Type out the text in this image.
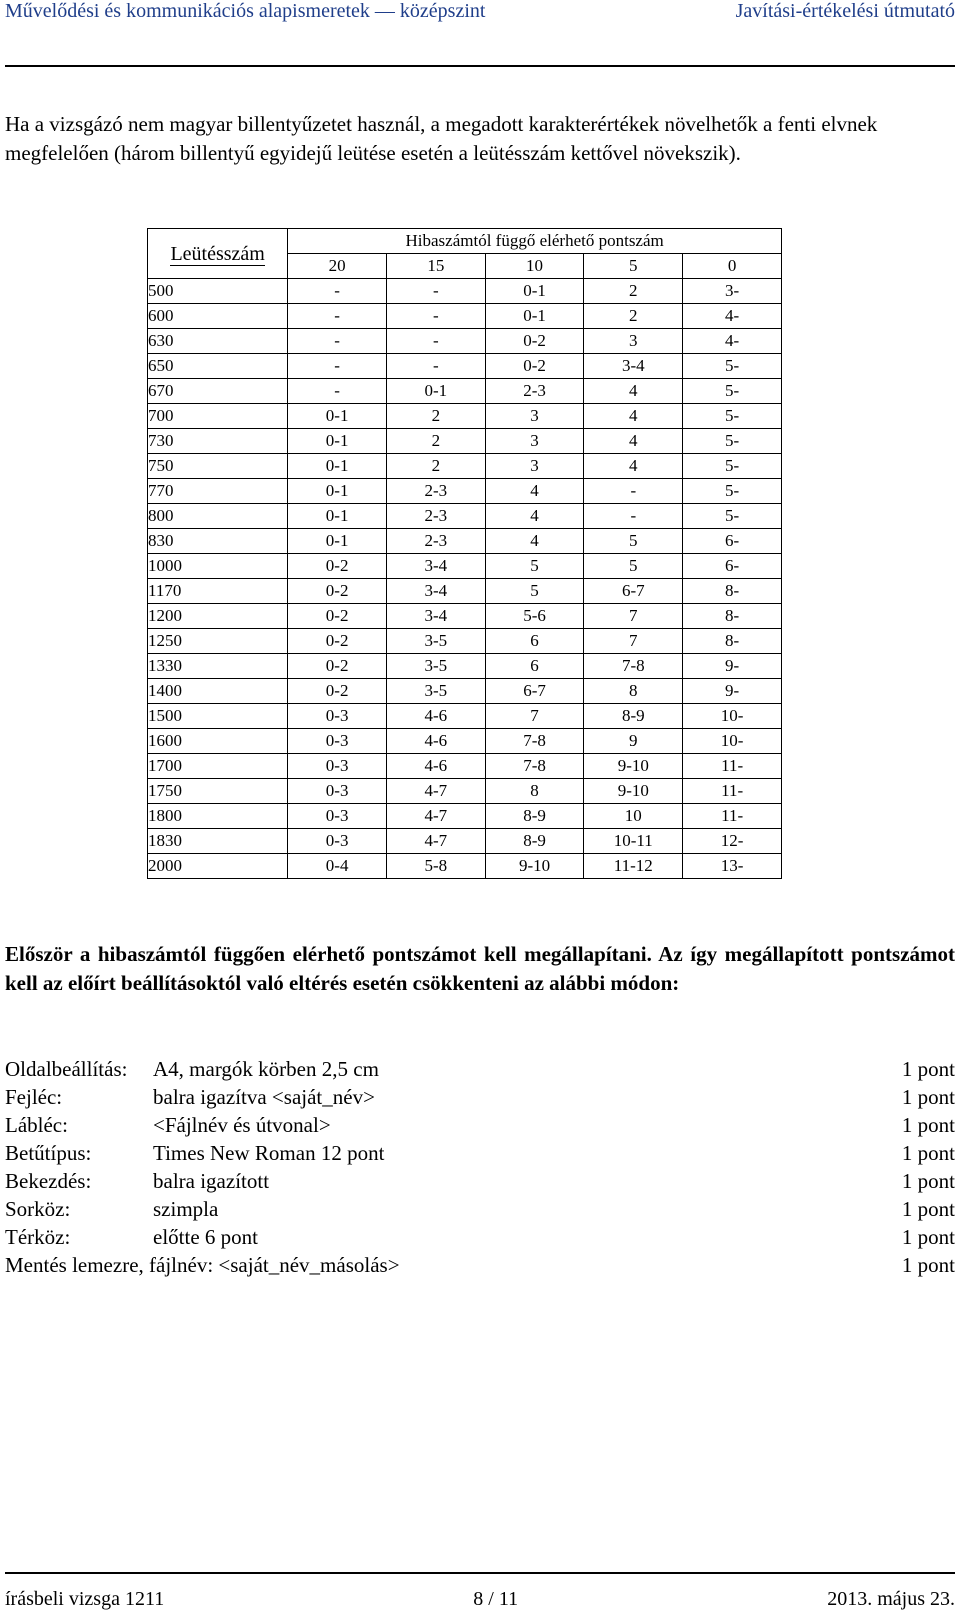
Művelődési és kommunikációs alapismeretek — középszint	Javítási-értékelési útmutató

Ha a vizsgázó nem magyar billentyűzetet használ, a megadott karakterértékek növelhetők a fenti elvnek megfelelően (három billentyű egyidejű leütése esetén a leütésszám kettővel növekszik).

Leütésszám	Hibaszámtól függő elérhető pontszám				
	20	15	10	5	0
500	-	-	0-1	2	3-
600	-	-	0-1	2	4-
630	-	-	0-2	3	4-
650	-	-	0-2	3-4	5-
670	-	0-1	2-3	4	5-
700	0-1	2	3	4	5-
730	0-1	2	3	4	5-
750	0-1	2	3	4	5-
770	0-1	2-3	4	-	5-
800	0-1	2-3	4	-	5-
830	0-1	2-3	4	5	6-
1000	0-2	3-4	5	5	6-
1170	0-2	3-4	5	6-7	8-
1200	0-2	3-4	5-6	7	8-
1250	0-2	3-5	6	7	8-
1330	0-2	3-5	6	7-8	9-
1400	0-2	3-5	6-7	8	9-
1500	0-3	4-6	7	8-9	10-
1600	0-3	4-6	7-8	9	10-
1700	0-3	4-6	7-8	9-10	11-
1750	0-3	4-7	8	9-10	11-
1800	0-3	4-7	8-9	10	11-
1830	0-3	4-7	8-9	10-11	12-
2000	0-4	5-8	9-10	11-12	13-

Először a hibaszámtól függően elérhető pontszámot kell megállapítani. Az így megállapított pontszámot kell az előírt beállításoktól való eltérés esetén csökkenteni az alábbi módon:

Oldalbeállítás:	A4, margók körben 2,5 cm	1 pont
Fejléc:	balra igazítva <saját_név>	1 pont
Lábléc:	<Fájlnév és útvonal>	1 pont
Betűtípus:	Times New Roman 12 pont	1 pont
Bekezdés:	balra igazított	1 pont
Sorköz:	szimpla	1 pont
Térköz:	előtte 6 pont	1 pont
Mentés lemezre, fájlnév: <saját_név_másolás>	1 pont
írásbeli vizsga 1211	8 / 11	2013. május 23.
